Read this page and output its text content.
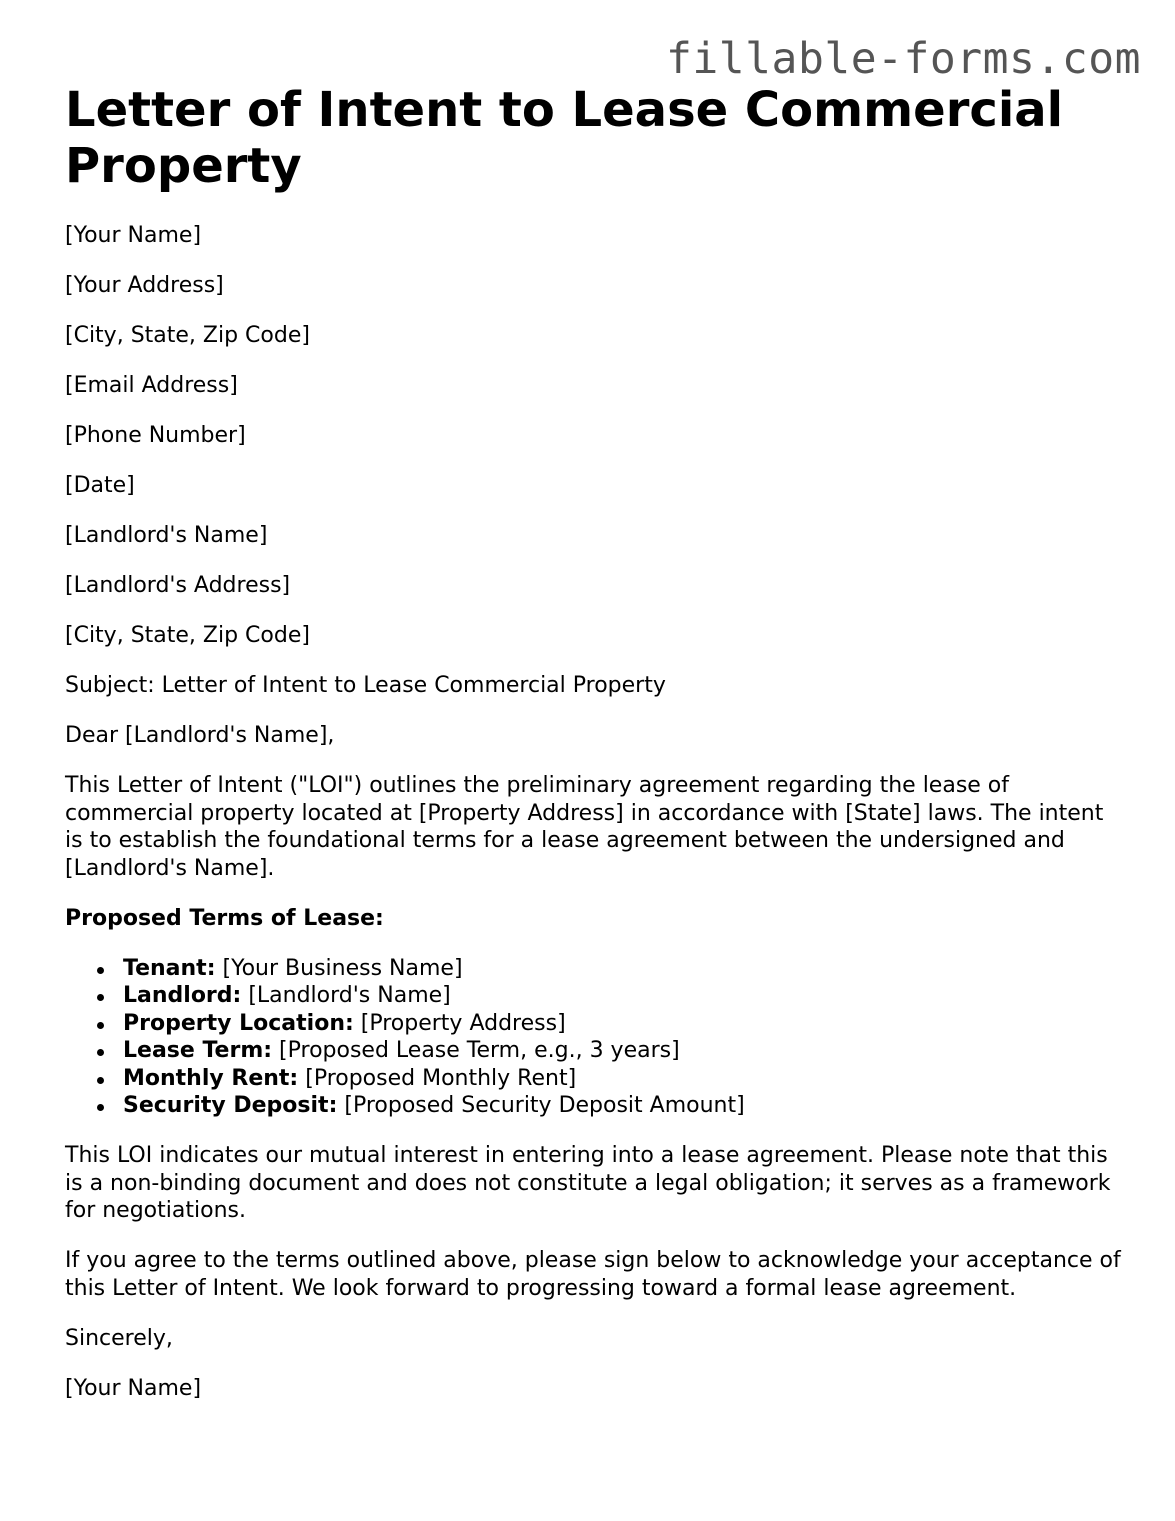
fillable-forms.com
Letter of Intent to Lease Commercial Property

[Your Name]

[Your Address]

[City, State, Zip Code]

[Email Address]

[Phone Number]

[Date]

[Landlord's Name]

[Landlord's Address]

[City, State, Zip Code]

Subject: Letter of Intent to Lease Commercial Property

Dear [Landlord's Name],

This Letter of Intent ("LOI") outlines the preliminary agreement regarding the lease of commercial property located at [Property Address] in accordance with [State] laws. The intent is to establish the foundational terms for a lease agreement between the undersigned and [Landlord's Name].

Proposed Terms of Lease:

Tenant: [Your Business Name]
Landlord: [Landlord's Name]
Property Location: [Property Address]
Lease Term: [Proposed Lease Term, e.g., 3 years]
Monthly Rent: [Proposed Monthly Rent]
Security Deposit: [Proposed Security Deposit Amount]

This LOI indicates our mutual interest in entering into a lease agreement. Please note that this is a non-binding document and does not constitute a legal obligation; it serves as a framework for negotiations.

If you agree to the terms outlined above, please sign below to acknowledge your acceptance of this Letter of Intent. We look forward to progressing toward a formal lease agreement.

Sincerely,

[Your Name]
